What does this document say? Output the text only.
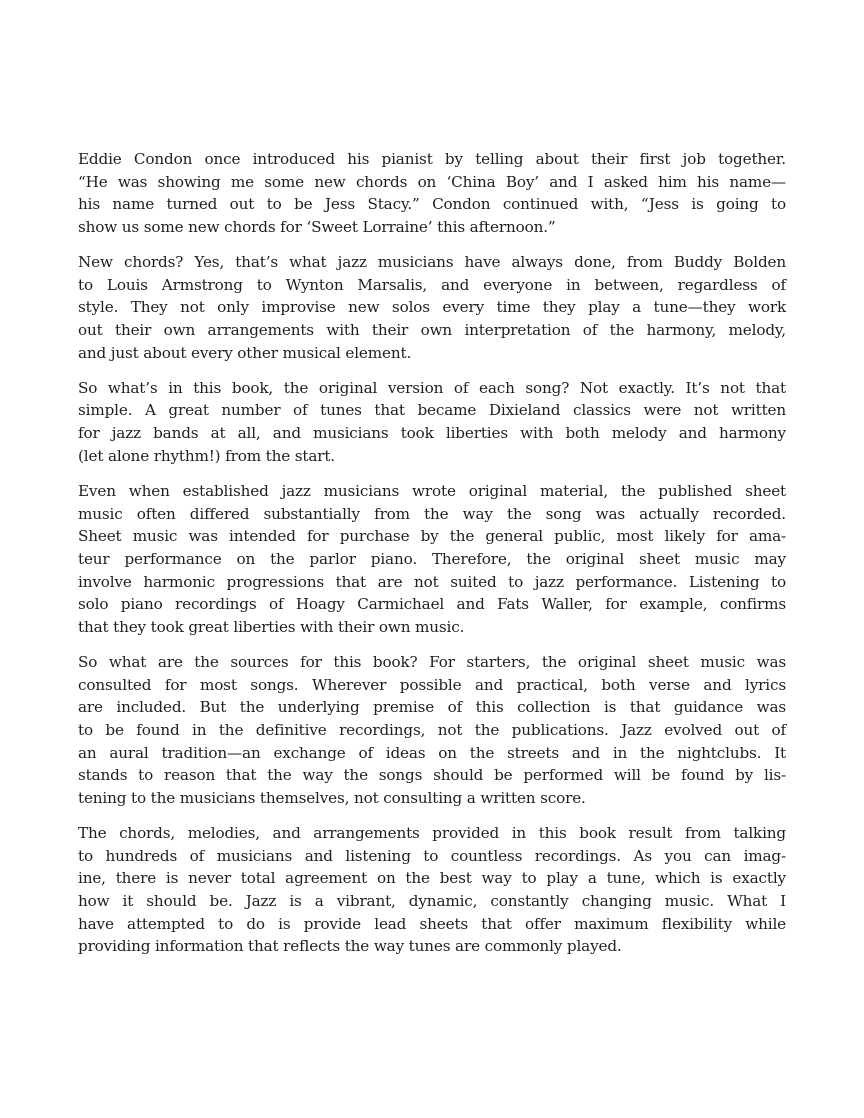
Eddie Condon once introduced his pianist by telling about their first job together.
“He was showing me some new chords on ‘China Boy’ and I asked him his name—
his name turned out to be Jess Stacy.” Condon continued with, “Jess is going to
show us some new chords for ‘Sweet Lorraine’ this afternoon.”

New chords? Yes, that’s what jazz musicians have always done, from Buddy Bolden
to Louis Armstrong to Wynton Marsalis, and everyone in between, regardless of
style. They not only improvise new solos every time they play a tune—they work
out their own arrangements with their own interpretation of the harmony, melody,
and just about every other musical element.

So what’s in this book, the original version of each song? Not exactly. It’s not that
simple. A great number of tunes that became Dixieland classics were not written
for jazz bands at all, and musicians took liberties with both melody and harmony
(let alone rhythm!) from the start.

Even when established jazz musicians wrote original material, the published sheet
music often differed substantially from the way the song was actually recorded.
Sheet music was intended for purchase by the general public, most likely for ama-
teur performance on the parlor piano. Therefore, the original sheet music may
involve harmonic progressions that are not suited to jazz performance. Listening to
solo piano recordings of Hoagy Carmichael and Fats Waller, for example, confirms
that they took great liberties with their own music.

So what are the sources for this book? For starters, the original sheet music was
consulted for most songs. Wherever possible and practical, both verse and lyrics
are included. But the underlying premise of this collection is that guidance was
to be found in the definitive recordings, not the publications. Jazz evolved out of
an aural tradition—an exchange of ideas on the streets and in the nightclubs. It
stands to reason that the way the songs should be performed will be found by lis-
tening to the musicians themselves, not consulting a written score.

The chords, melodies, and arrangements provided in this book result from talking
to hundreds of musicians and listening to countless recordings. As you can imag-
ine, there is never total agreement on the best way to play a tune, which is exactly
how it should be. Jazz is a vibrant, dynamic, constantly changing music. What I
have attempted to do is provide lead sheets that offer maximum flexibility while
providing information that reflects the way tunes are commonly played.
